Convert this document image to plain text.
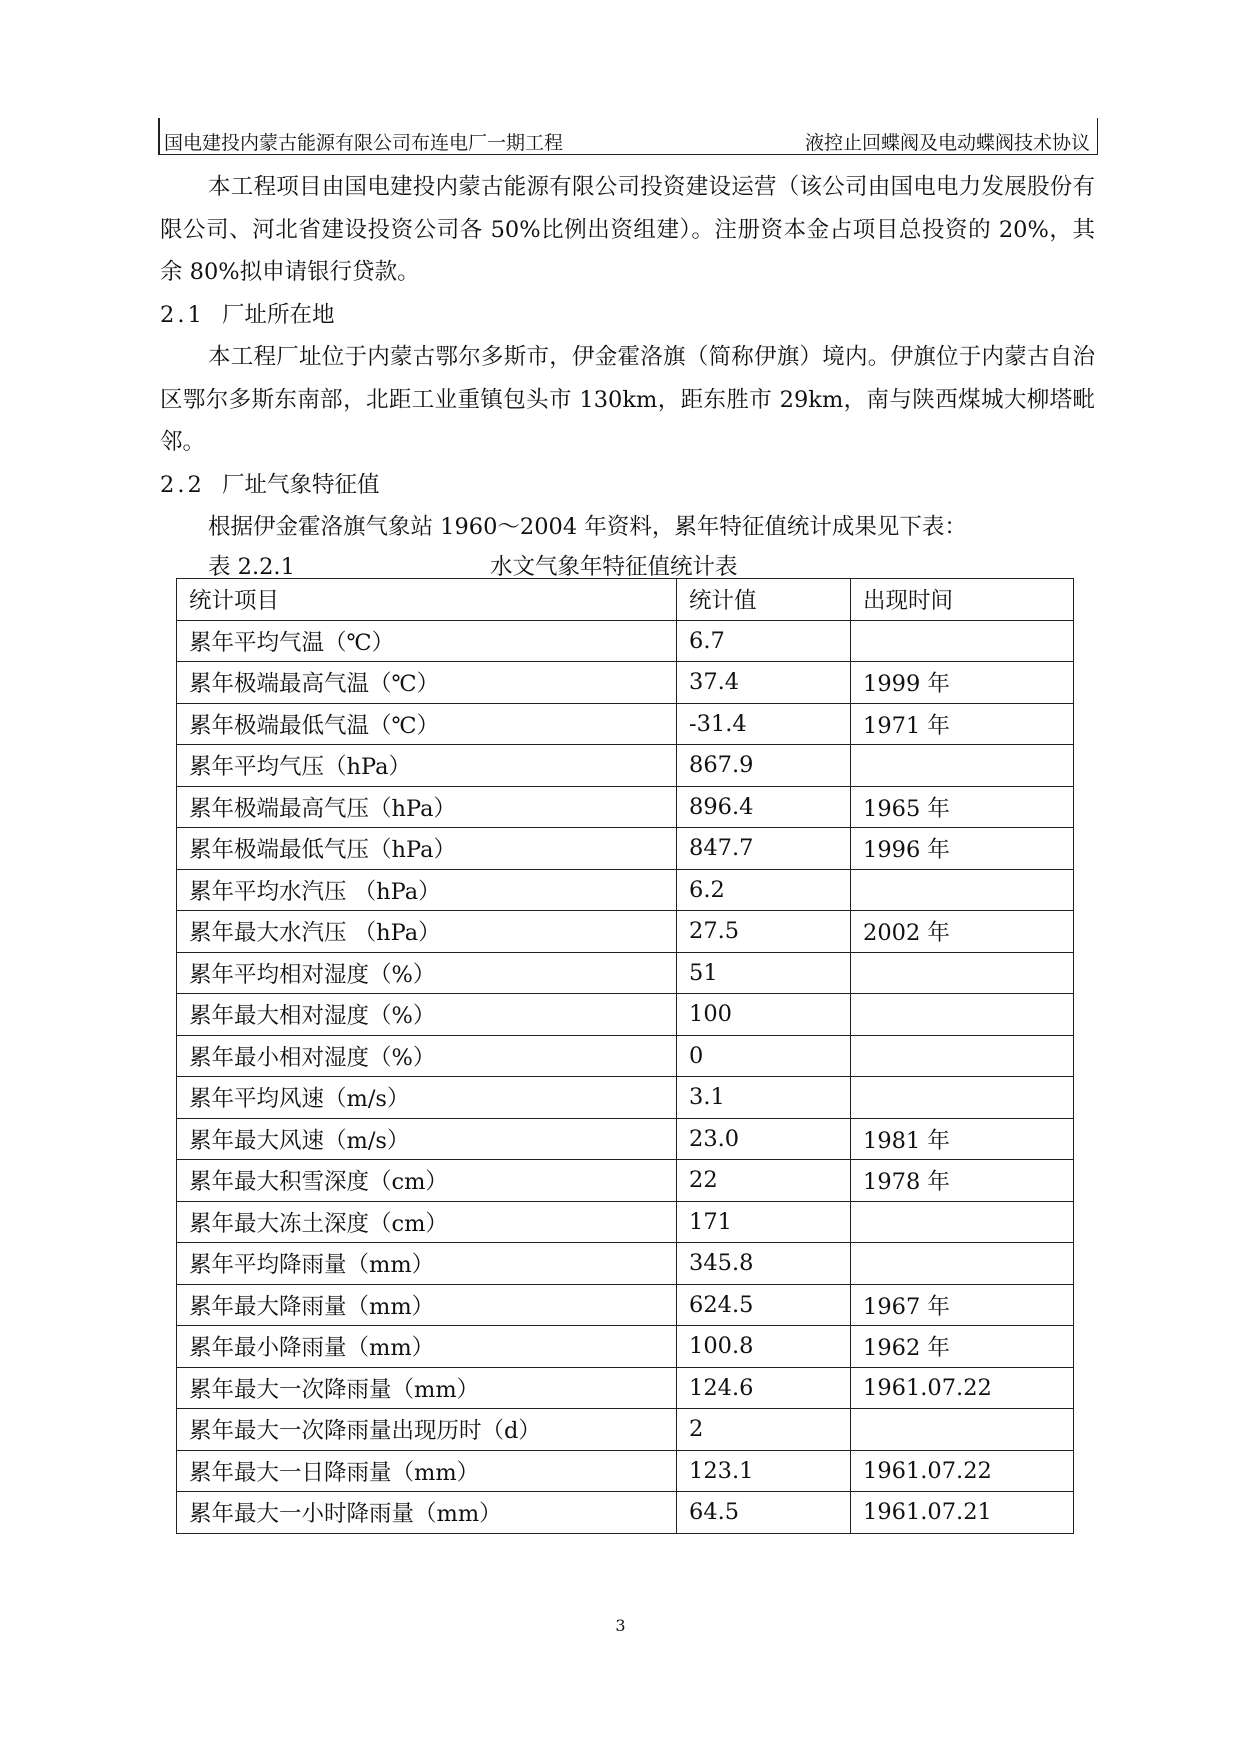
国电建投内蒙古能源有限公司布连电厂一期工程	液控止回蝶阀及电动蝶阀技术协议

本工程项目由国电建投内蒙古能源有限公司投资建设运营（该公司由国电电力发展股份有限公司、河北省建设投资公司各 50%比例出资组建）。注册资本金占项目总投资的 20%，其余 80%拟申请银行贷款。

2.1 厂址所在地

本工程厂址位于内蒙古鄂尔多斯市，伊金霍洛旗（简称伊旗）境内。伊旗位于内蒙古自治区鄂尔多斯东南部，北距工业重镇包头市 130km，距东胜市 29km，南与陕西煤城大柳塔毗邻。

2.2 厂址气象特征值

根据伊金霍洛旗气象站 1960～2004 年资料，累年特征值统计成果见下表：

表 2.2.1	水文气象年特征值统计表
统计项目	统计值	出现时间
累年平均气温（℃）	6.7	
累年极端最高气温（℃）	37.4	1999 年
累年极端最低气温（℃）	-31.4	1971 年
累年平均气压（hPa）	867.9	
累年极端最高气压（hPa）	896.4	1965 年
累年极端最低气压（hPa）	847.7	1996 年
累年平均水汽压 （hPa）	6.2	
累年最大水汽压 （hPa）	27.5	2002 年
累年平均相对湿度（%）	51	
累年最大相对湿度（%）	100	
累年最小相对湿度（%）	0	
累年平均风速（m/s）	3.1	
累年最大风速（m/s）	23.0	1981 年
累年最大积雪深度（cm）	22	1978 年
累年最大冻土深度（cm）	171	
累年平均降雨量（mm）	345.8	
累年最大降雨量（mm）	624.5	1967 年
累年最小降雨量（mm）	100.8	1962 年
累年最大一次降雨量（mm）	124.6	1961.07.22
累年最大一次降雨量出现历时（d）	2	
累年最大一日降雨量（mm）	123.1	1961.07.22
累年最大一小时降雨量（mm）	64.5	1961.07.21
3
